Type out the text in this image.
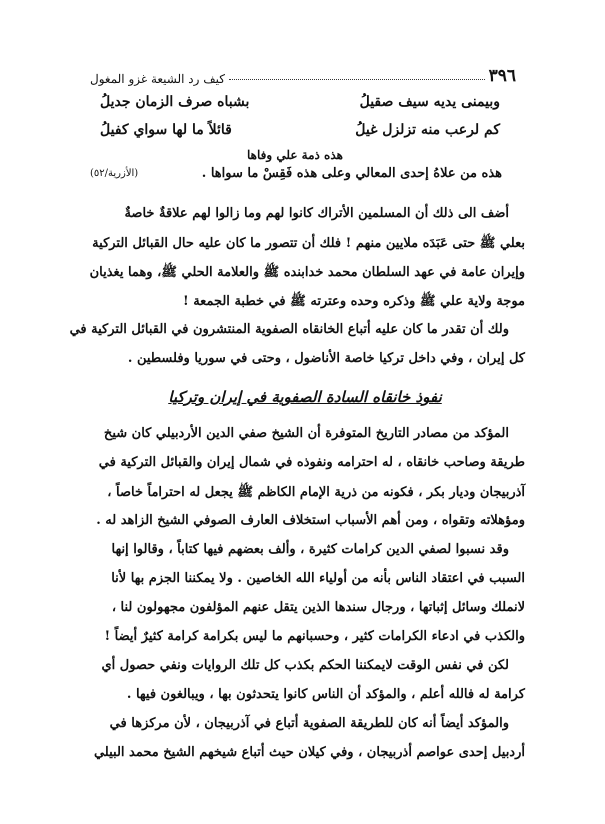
٣٩٦
كيف رد الشيعة غزو المغول
وبيمنى يديه سيف صقيلُ
بشباه صرف الزمان جديلُ
كم لرعب منه تزلزل غيلُ
قائلاً ما لها سواي كفيلُ
هذه ذمة علي وفاها
هذه من علاهُ إحدى المعالي وعلى هذه فَقِسْ ما سواها .
(الأزرية/٥٢)
أضف الى ذلك أن المسلمين الأتراك كانوا لهم وما زالوا لهم علاقةٌ خاصةٌ
بعلي ﷺ حتى عَبَدَه ملايين منهم ! فلك أن تتصور ما كان عليه حال القبائل التركية
وإيران عامة في عهد السلطان محمد خدابنده ﷺ والعلامة الحلي ﷺ، وهما يغذيان
موجة ولاية علي ﷺ وذكره وحده وعترته ﷺ في خطبة الجمعة !
ولك أن تقدر ما كان عليه أتباع الخانقاه الصفوية المنتشرون في القبائل التركية في
كل إيران ، وفي داخل تركيا خاصة الأناضول ، وحتى في سوريا وفلسطين .
نفوذ خانقاه السادة الصفوية في إيران وتركيا
المؤكد من مصادر التاريخ المتوفرة أن الشيخ صفي الدين الأردبيلي كان شيخ
طريقة وصاحب خانقاه ، له احترامه ونفوذه في شمال إيران والقبائل التركية في
آذربيجان وديار بكر ، فكونه من ذرية الإمام الكاظم ﷺ يجعل له احتراماً خاصاً ،
ومؤهلاته وتقواه ، ومن أهم الأسباب استخلاف العارف الصوفي الشيخ الزاهد له .
وقد نسبوا لصفي الدين كرامات كثيرة ، وألف بعضهم فيها كتاباً ، وقالوا إنها
السبب في اعتقاد الناس بأنه من أولياء الله الخاصين . ولا يمكننا الجزم بها لأنا
لانملك وسائل إثباتها ، ورجال سندها الذين يتقل عنهم المؤلفون مجهولون لنا ،
والكذب في ادعاء الكرامات كثير ، وحسبانهم ما ليس بكرامة كرامة كثيرٌ أيضاً !
لكن في نفس الوقت لايمكننا الحكم بكذب كل تلك الروايات ونفي حصول أي
كرامة له فالله أعلم ، والمؤكد أن الناس كانوا يتحدثون بها ، ويبالغون فيها .
والمؤكد أيضاً أنه كان للطريقة الصفوية أتباع في آذربيجان ، لأن مركزها في
أردبيل إحدى عواصم أذربيجان ، وفي كيلان حيث أتباع شيخهم الشيخ محمد البيلي
